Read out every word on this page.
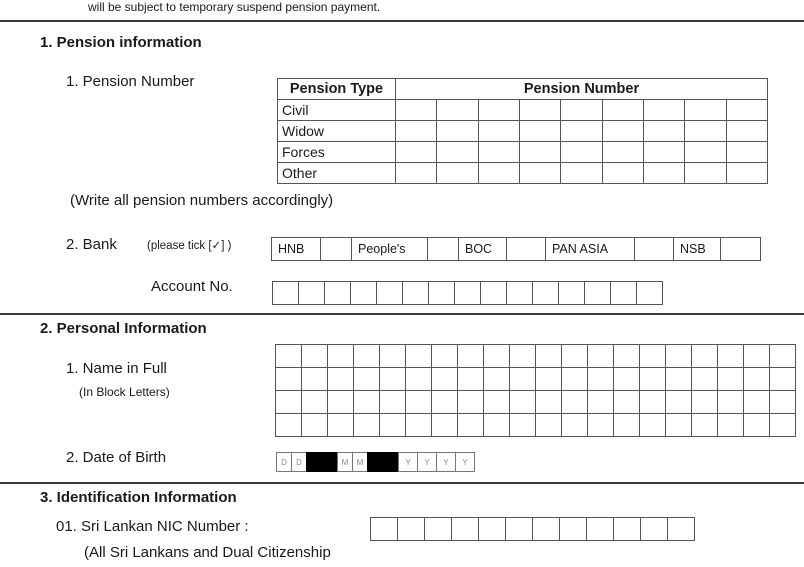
will be subject to temporary suspend pension payment.
1. Pension information
1. Pension Number	Pension Type	Pension Number								
Civil									
Widow									
Forces									
Other									
(Write all pension numbers accordingly)
2. Bank	(please tick [✓] )	HNB	People's	BOC	PAN ASIA	NSB
Account No.
2. Personal Information
1. Name in Full
(In Block Letters)
2. Date of Birth	D	D	M	M	Y	Y	Y	Y
3. Identification Information
01. Sri Lankan NIC Number :
(All Sri Lankans and Dual Citizenship
